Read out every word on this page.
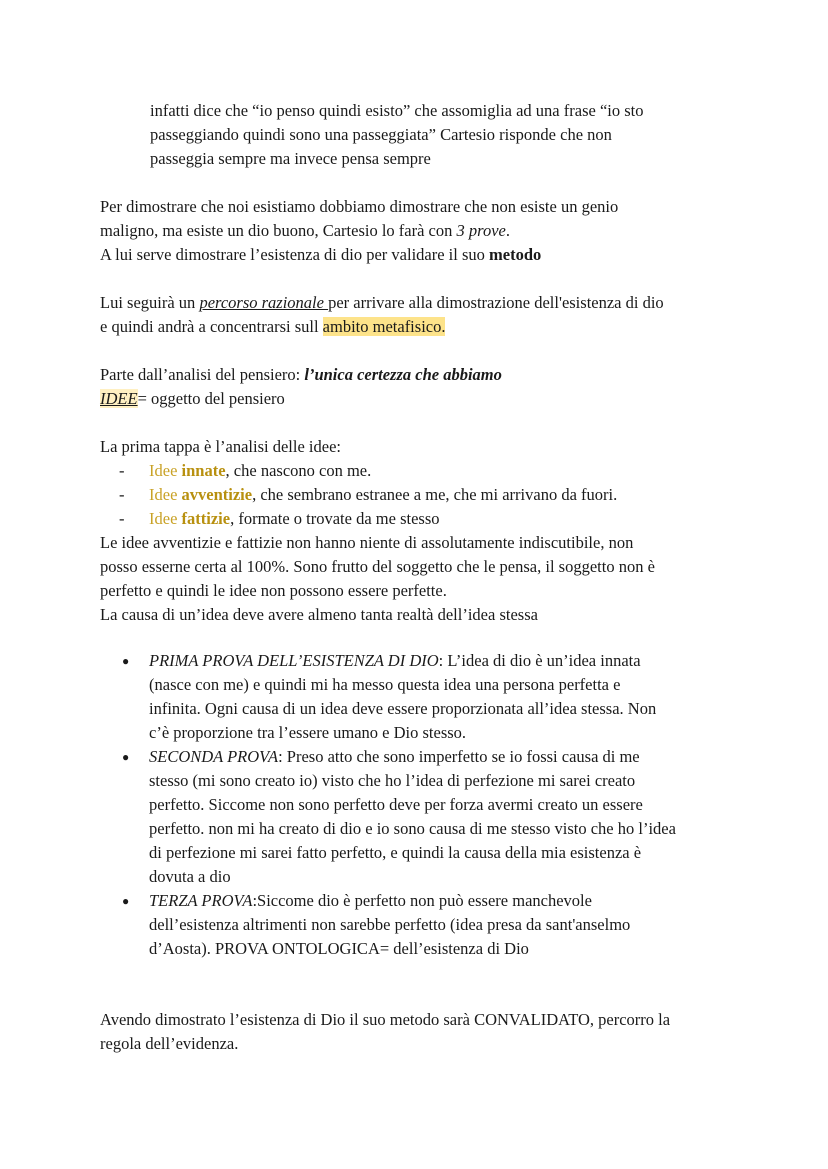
infatti dice che “io penso quindi esisto” che assomiglia ad una frase “io sto

passeggiando quindi sono una passeggiata” Cartesio risponde che non

passeggia sempre ma invece pensa sempre

Per dimostrare che noi esistiamo dobbiamo dimostrare che non esiste un genio

maligno, ma esiste un dio buono, Cartesio lo farà con 3 prove.

A lui serve dimostrare l’esistenza di dio per validare il suo metodo

Lui seguirà un percorso razionale per arrivare alla dimostrazione dell'esistenza di dio

e quindi andrà a concentrarsi sull ambito metafisico.

Parte dall’analisi del pensiero: l’unica certezza che abbiamo

IDEE= oggetto del pensiero

La prima tappa è l’analisi delle idee:

- Idee innate, che nascono con me.
- Idee avventizie, che sembrano estranee a me, che mi arrivano da fuori.
- Idee fattizie, formate o trovate da me stesso

Le idee avventizie e fattizie non hanno niente di assolutamente indiscutibile, non

posso esserne certa al 100%. Sono frutto del soggetto che le pensa, il soggetto non è

perfetto e quindi le idee non possono essere perfette.

La causa di un’idea deve avere almeno tanta realtà dell’idea stessa

● PRIMA PROVA DELL’ESISTENZA DI DIO: L’idea di dio è un’idea innata

(nasce con me) e quindi mi ha messo questa idea una persona perfetta e

infinita. Ogni causa di un idea deve essere proporzionata all’idea stessa. Non

c’è proporzione tra l’essere umano e Dio stesso.

● SECONDA PROVA: Preso atto che sono imperfetto se io fossi causa di me

stesso (mi sono creato io) visto che ho l’idea di perfezione mi sarei creato

perfetto. Siccome non sono perfetto deve per forza avermi creato un essere

perfetto. non mi ha creato di dio e io sono causa di me stesso visto che ho l’idea

di perfezione mi sarei fatto perfetto, e quindi la causa della mia esistenza è

dovuta a dio

● TERZA PROVA:Siccome dio è perfetto non può essere manchevole

dell’esistenza altrimenti non sarebbe perfetto (idea presa da sant'anselmo

d’Aosta). PROVA ONTOLOGICA= dell’esistenza di Dio

Avendo dimostrato l’esistenza di Dio il suo metodo sarà CONVALIDATO, percorro la

regola dell’evidenza.
